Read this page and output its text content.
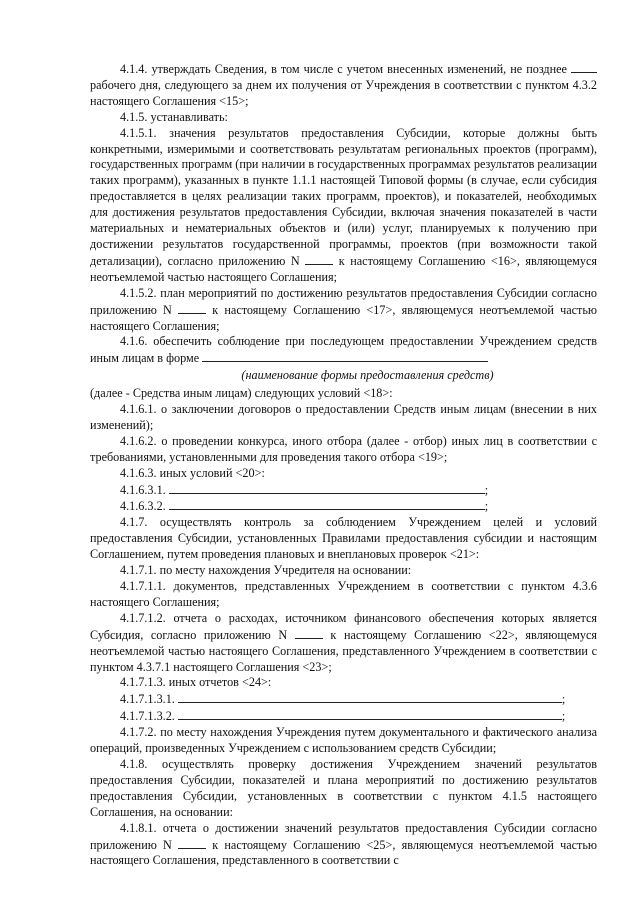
4.1.4. утверждать Сведения, в том числе с учетом внесенных изменений, не позднее  рабочего дня, следующего за днем их получения от Учреждения в соответствии с пунктом 4.3.2 настоящего Соглашения <15>;

4.1.5. устанавливать:

4.1.5.1. значения результатов предоставления Субсидии, которые должны быть конкретными, измеримыми и соответствовать результатам региональных проектов (программ), государственных программ (при наличии в государственных программах результатов реализации таких программ), указанных в пункте 1.1.1 настоящей Типовой формы (в случае, если субсидия предоставляется в целях реализации таких программ, проектов), и показателей, необходимых для достижения результатов предоставления Субсидии, включая значения показателей в части материальных и нематериальных объектов и (или) услуг, планируемых к получению при достижении результатов государственной программы, проектов (при возможности такой детализации), согласно приложению N	к настоящему Соглашению <16>, являющемуся неотъемлемой частью настоящего Соглашения;

4.1.5.2. план мероприятий по достижению результатов предоставления Субсидии согласно приложению N	к настоящему Соглашению <17>, являющемуся неотъемлемой частью настоящего Соглашения;

4.1.6. обеспечить соблюдение при последующем предоставлении Учреждением средств иным лицам в форме

(наименование формы предоставления средств)

(далее - Средства иным лицам) следующих условий <18>:

4.1.6.1. о заключении договоров о предоставлении Средств иным лицам (внесении в них изменений);

4.1.6.2. о проведении конкурса, иного отбора (далее - отбор) иных лиц в соответствии с требованиями, установленными для проведения такого отбора <19>;

4.1.6.3. иных условий <20>:

4.1.6.3.1.	;

4.1.6.3.2.	;

4.1.7. осуществлять контроль за соблюдением Учреждением целей и условий предоставления Субсидии, установленных Правилами предоставления субсидии и настоящим Соглашением, путем проведения плановых и внеплановых проверок <21>:

4.1.7.1. по месту нахождения Учредителя на основании:

4.1.7.1.1. документов, представленных Учреждением в соответствии с пунктом 4.3.6 настоящего Соглашения;

4.1.7.1.2. отчета о расходах, источником финансового обеспечения которых является Субсидия, согласно приложению N	к настоящему Соглашению <22>, являющемуся неотъемлемой частью настоящего Соглашения, представленного Учреждением в соответствии с пунктом 4.3.7.1 настоящего Соглашения <23>;

4.1.7.1.3. иных отчетов <24>:

4.1.7.1.3.1.	;

4.1.7.1.3.2.	;

4.1.7.2. по месту нахождения Учреждения путем документального и фактического анализа операций, произведенных Учреждением с использованием средств Субсидии;

4.1.8. осуществлять проверку достижения Учреждением значений результатов предоставления Субсидии, показателей и плана мероприятий по достижению результатов предоставления Субсидии, установленных в соответствии с пунктом 4.1.5 настоящего Соглашения, на основании:

4.1.8.1. отчета о достижении значений результатов предоставления Субсидии согласно приложению N	к настоящему Соглашению <25>, являющемуся неотъемлемой частью настоящего Соглашения, представленного в соответствии с
